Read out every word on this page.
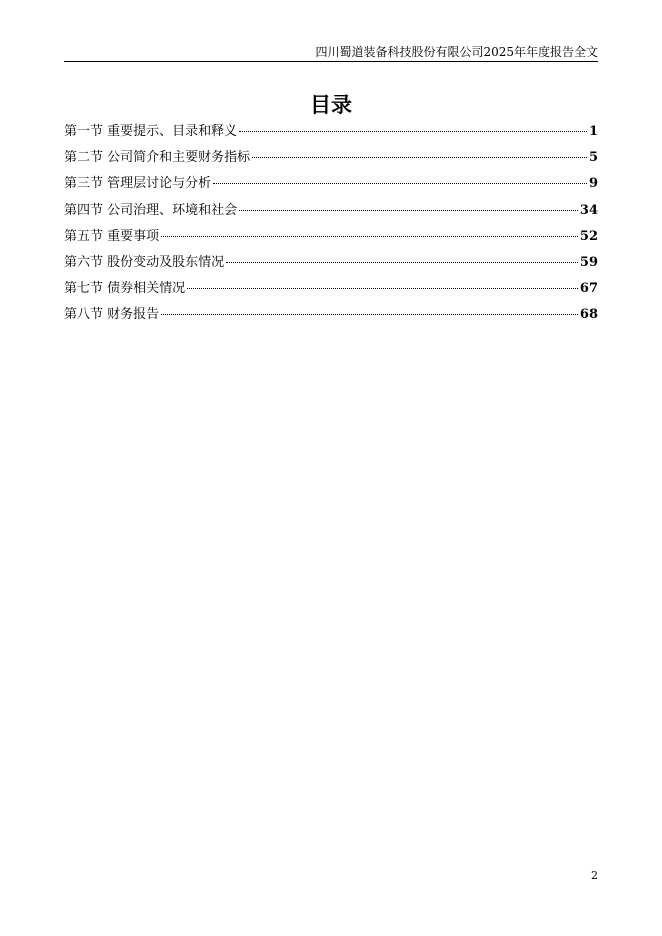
四川蜀道装备科技股份有限公司2025年年度报告全文
目录
第一节 重要提示、目录和释义	1
第二节 公司简介和主要财务指标	5
第三节 管理层讨论与分析	9
第四节 公司治理、环境和社会	34
第五节 重要事项	52
第六节 股份变动及股东情况	59
第七节 债券相关情况	67
第八节 财务报告	68
2
